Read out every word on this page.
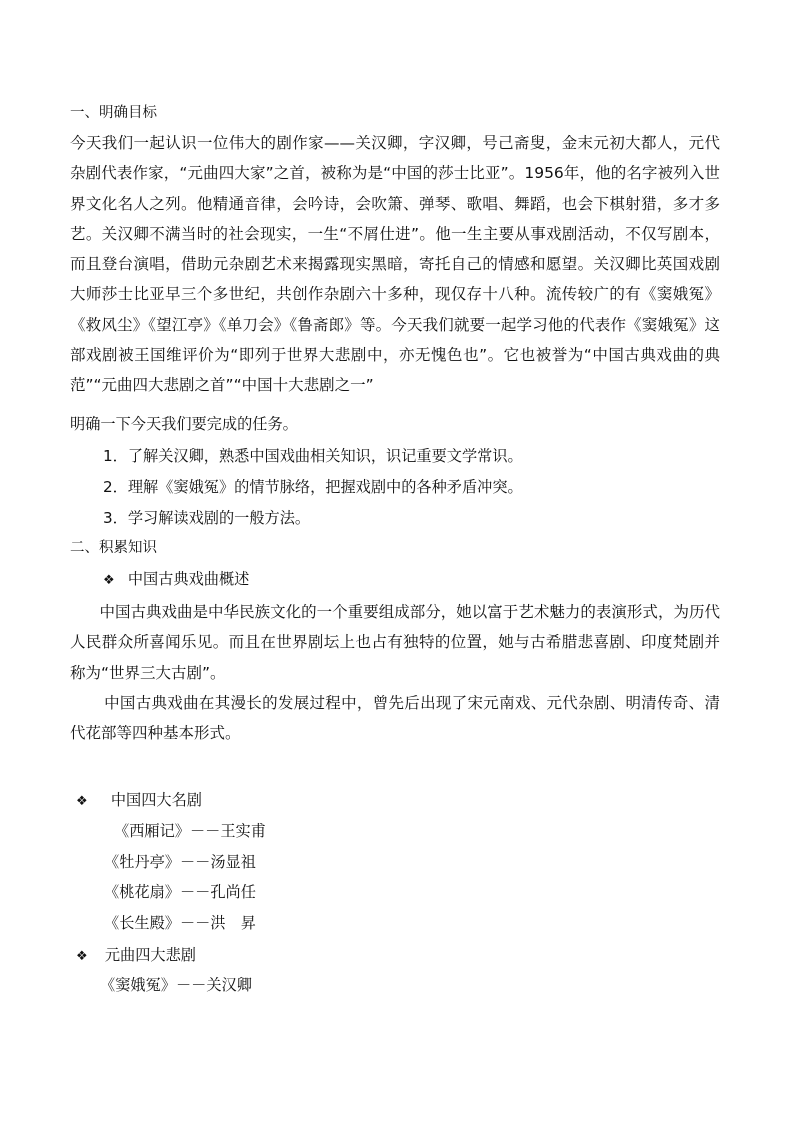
一、明确目标

今天我们一起认识一位伟大的剧作家——关汉卿，字汉卿，号己斋叟，金末元初大都人，元代杂剧代表作家，“元曲四大家”之首，被称为是“中国的莎士比亚”。1956年，他的名字被列入世界文化名人之列。他精通音律，会吟诗，会吹箫、弹琴、歌唱、舞蹈，也会下棋射猎，多才多艺。关汉卿不满当时的社会现实，一生“不屑仕进”。他一生主要从事戏剧活动，不仅写剧本，而且登台演唱，借助元杂剧艺术来揭露现实黑暗，寄托自己的情感和愿望。关汉卿比英国戏剧大师莎士比亚早三个多世纪，共创作杂剧六十多种，现仅存十八种。流传较广的有《窦娥冤》《救风尘》《望江亭》《单刀会》《鲁斋郎》等。今天我们就要一起学习他的代表作《窦娥冤》这部戏剧被王国维评价为“即列于世界大悲剧中，亦无愧色也”。它也被誉为“中国古典戏曲的典范”“元曲四大悲剧之首”“中国十大悲剧之一”

明确一下今天我们要完成的任务。
1．了解关汉卿，熟悉中国戏曲相关知识，识记重要文学常识。
2．理解《窦娥冤》的情节脉络，把握戏剧中的各种矛盾冲突。
3．学习解读戏剧的一般方法。
二、积累知识
❖ 中国古典戏曲概述

中国古典戏曲是中华民族文化的一个重要组成部分，她以富于艺术魅力的表演形式，为历代人民群众所喜闻乐见。而且在世界剧坛上也占有独特的位置，她与古希腊悲喜剧、印度梵剧并称为“世界三大古剧”。

中国古典戏曲在其漫长的发展过程中，曾先后出现了宋元南戏、元代杂剧、明清传奇、清代花部等四种基本形式。

❖ 中国四大名剧
《西厢记》－－王实甫
《牡丹亭》－－汤显祖
《桃花扇》－－孔尚任
《长生殿》－－洪　昇
❖ 元曲四大悲剧
《窦娥冤》－－关汉卿
